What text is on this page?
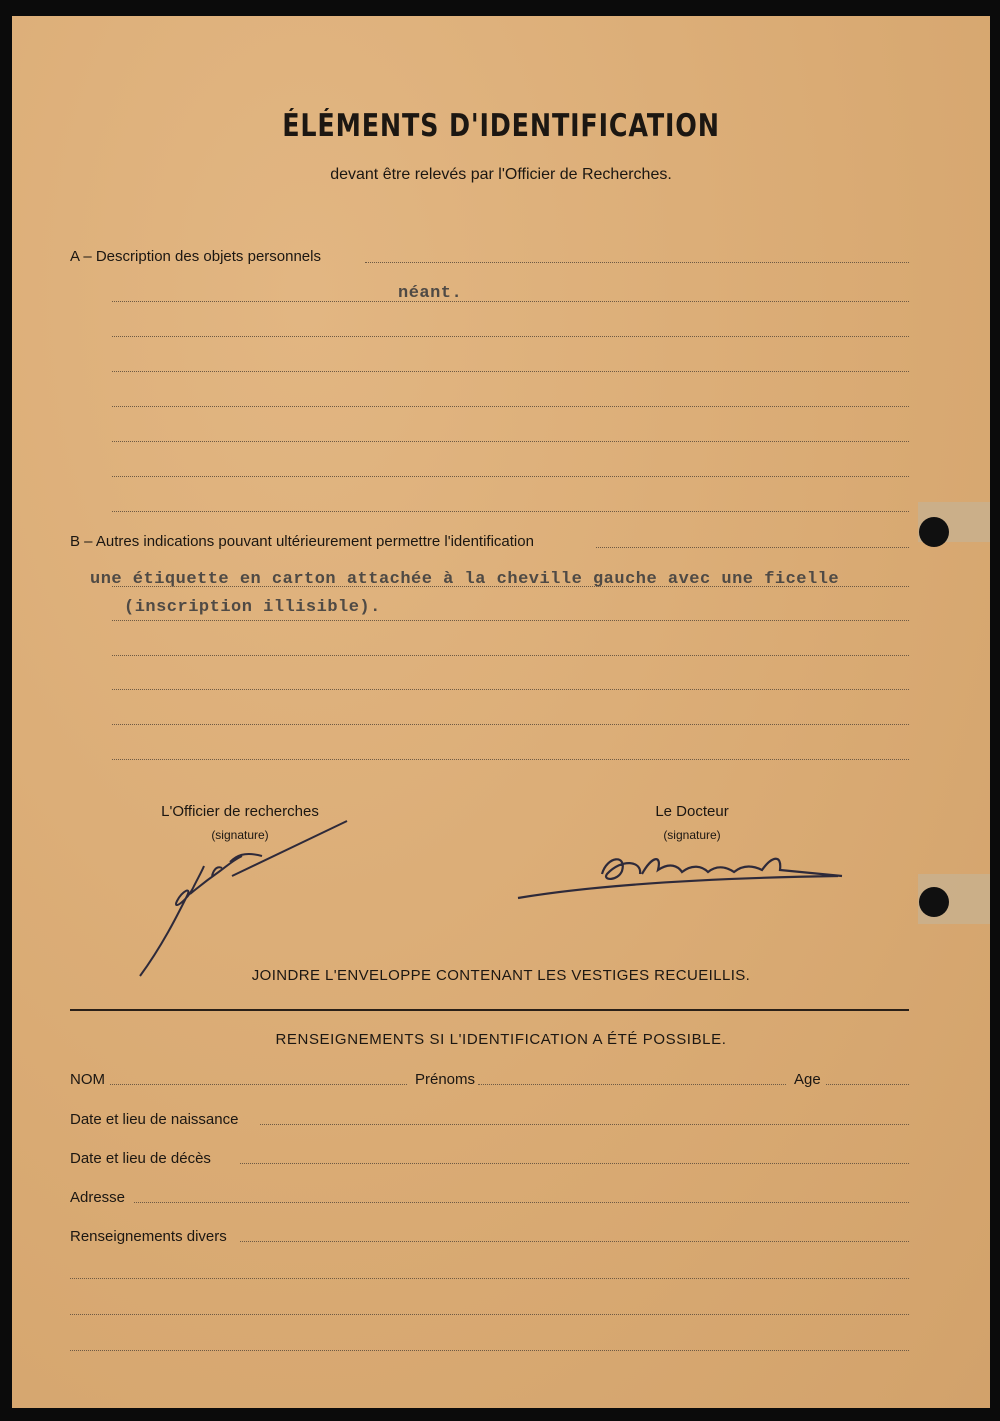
ÉLÉMENTS D'IDENTIFICATION
devant être relevés par l'Officier de Recherches.
A – Description des objets personnels
néant.
B – Autres indications pouvant ultérieurement permettre l'identification
une étiquette en carton attachée à la cheville gauche avec une ficelle
(inscription illisible).
L'Officier de recherches
(signature)
Le Docteur
(signature)
JOINDRE L'ENVELOPPE CONTENANT LES VESTIGES RECUEILLIS.
RENSEIGNEMENTS SI L'IDENTIFICATION A ÉTÉ POSSIBLE.
NOM	Prénoms	Age
Date et lieu de naissance
Date et lieu de décès
Adresse
Renseignements divers
